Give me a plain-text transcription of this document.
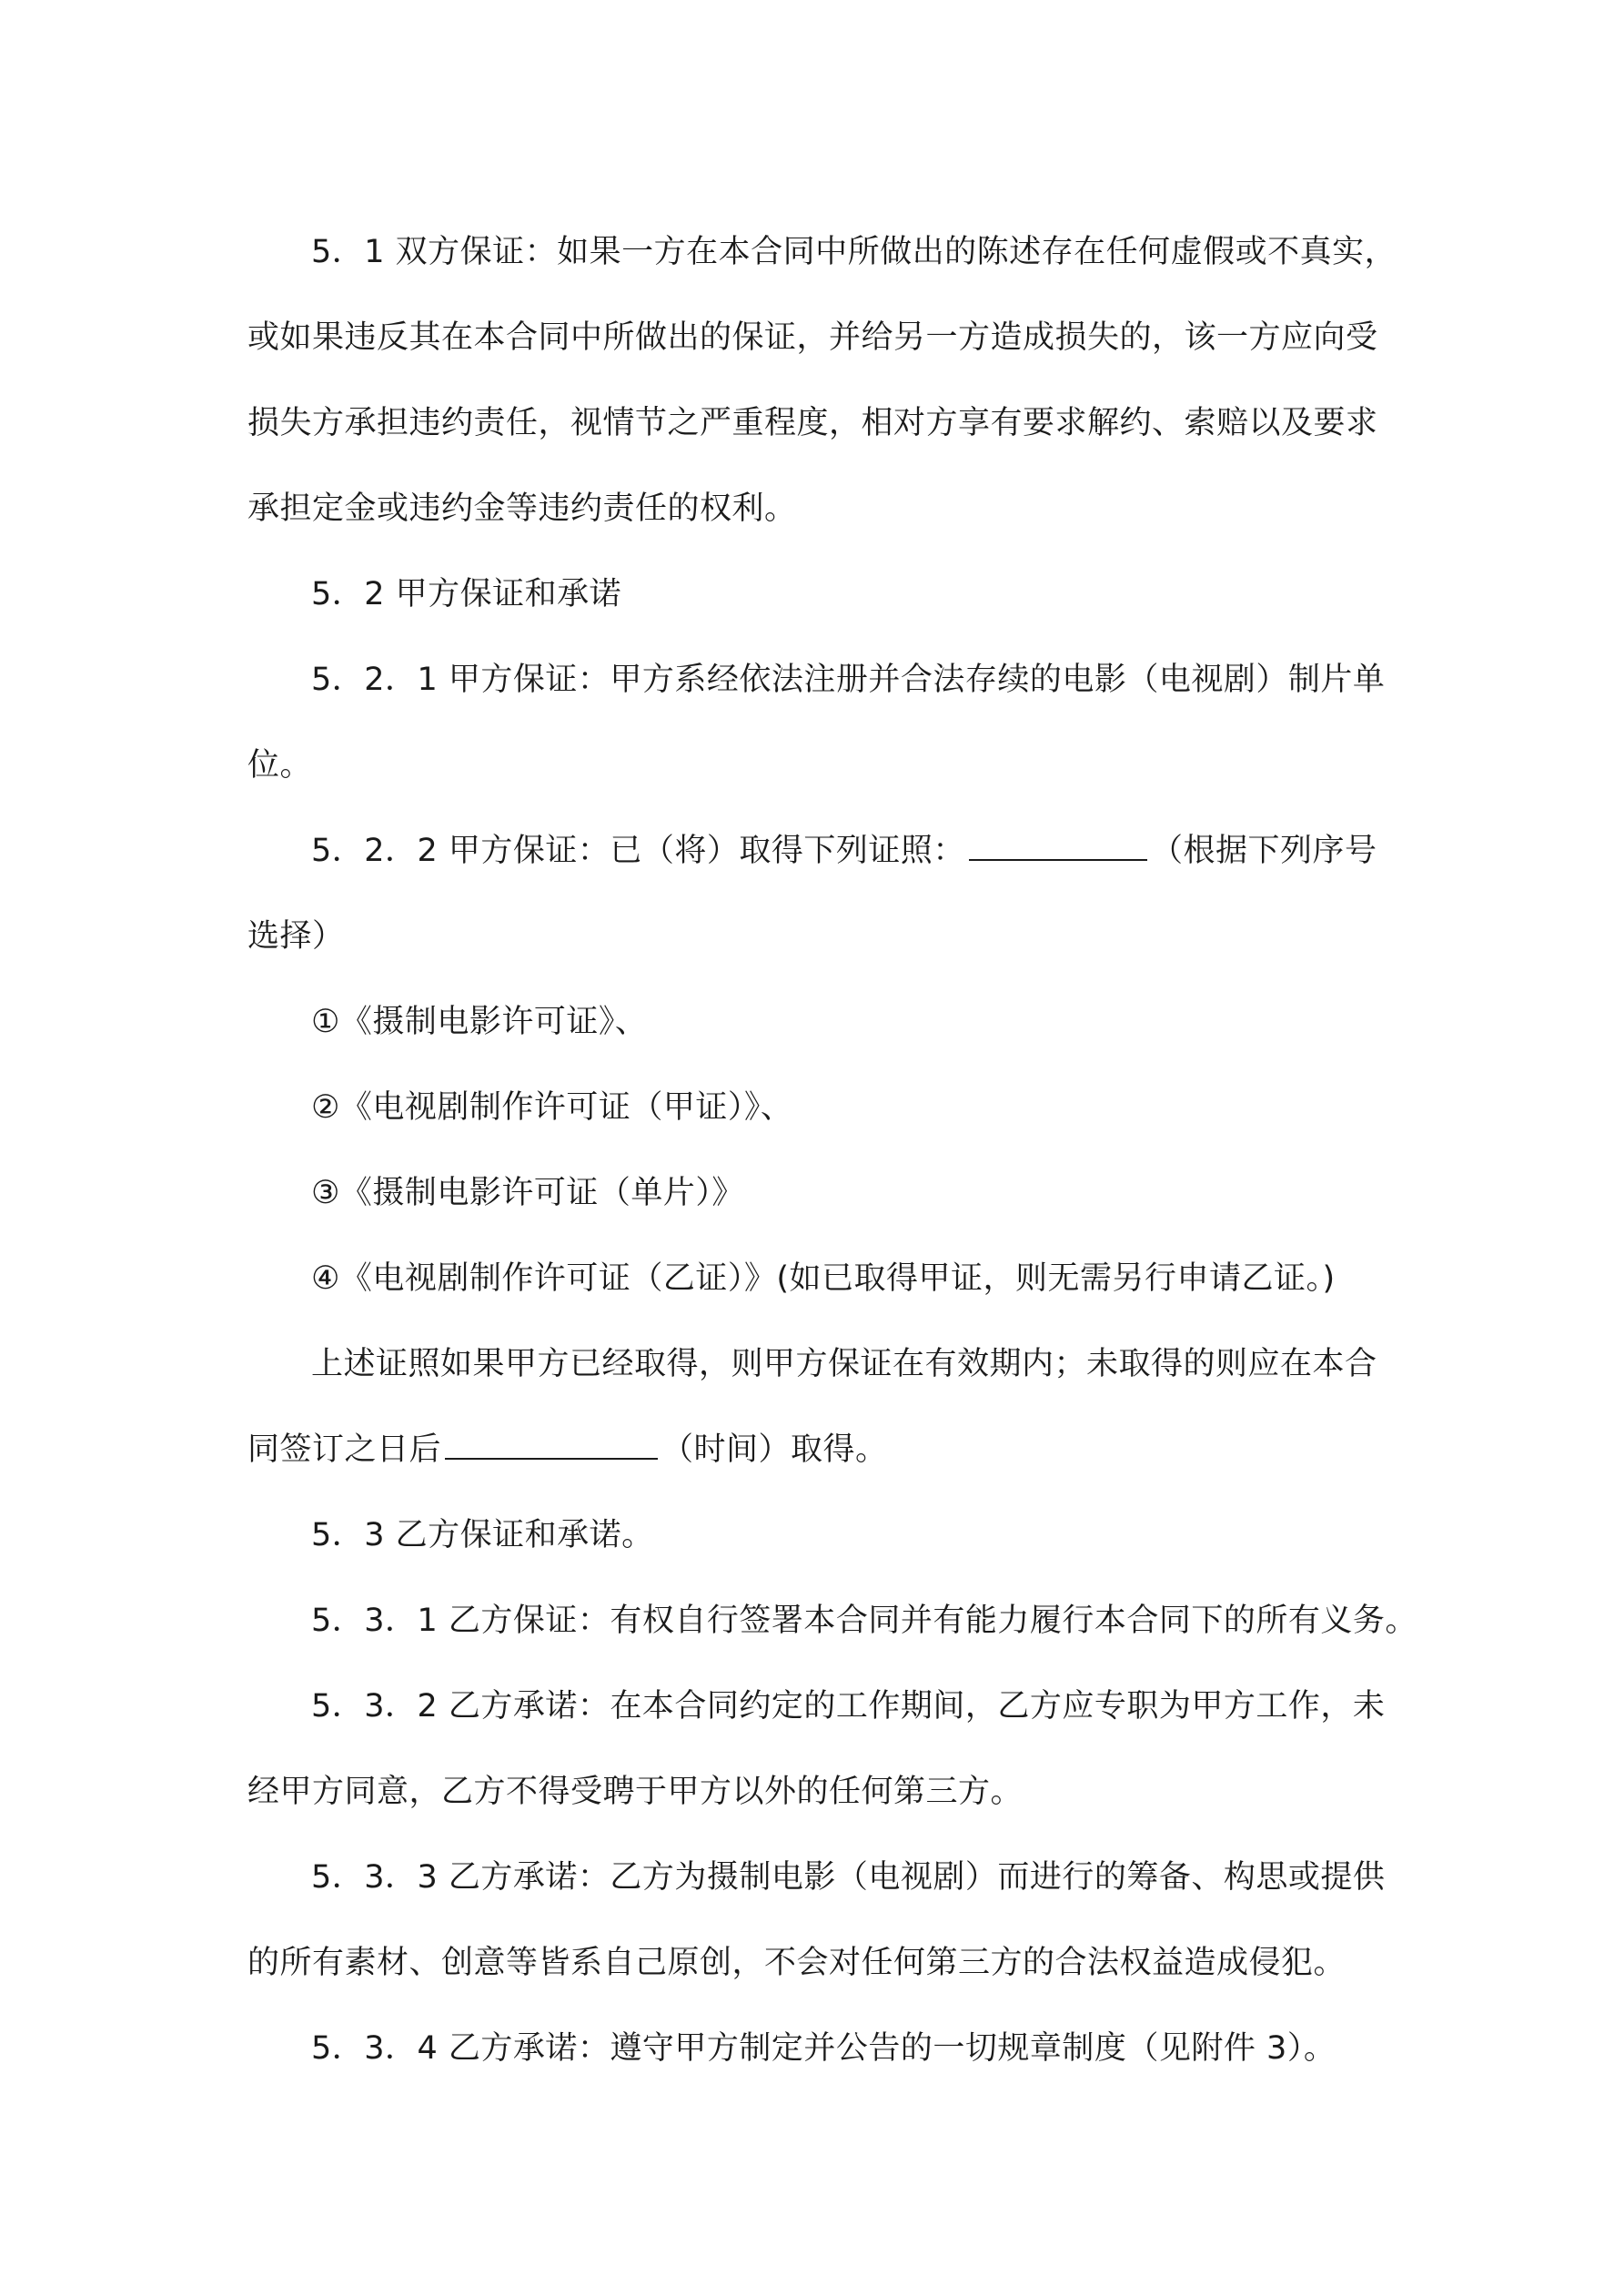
5．1 双方保证：如果一方在本合同中所做出的陈述存在任何虚假或不真实，

或如果违反其在本合同中所做出的保证，并给另一方造成损失的，该一方应向受

损失方承担违约责任，视情节之严重程度，相对方享有要求解约、索赔以及要求

承担定金或违约金等违约责任的权利。

5．2 甲方保证和承诺

5．2．1 甲方保证：甲方系经依法注册并合法存续的电影（电视剧）制片单

位。

5．2．2 甲方保证：已（将）取得下列证照：	（根据下列序号

选择）

①《摄制电影许可证》、

②《电视剧制作许可证（甲证）》、

③《摄制电影许可证（单片）》

④《电视剧制作许可证（乙证）》(如已取得甲证，则无需另行申请乙证。)

上述证照如果甲方已经取得，则甲方保证在有效期内；未取得的则应在本合

同签订之日后	（时间）取得。

5．3 乙方保证和承诺。

5．3．1 乙方保证：有权自行签署本合同并有能力履行本合同下的所有义务。

5．3．2 乙方承诺：在本合同约定的工作期间，乙方应专职为甲方工作，未

经甲方同意，乙方不得受聘于甲方以外的任何第三方。

5．3．3 乙方承诺：乙方为摄制电影（电视剧）而进行的筹备、构思或提供

的所有素材、创意等皆系自己原创，不会对任何第三方的合法权益造成侵犯。

5．3．4 乙方承诺：遵守甲方制定并公告的一切规章制度（见附件 3）。
